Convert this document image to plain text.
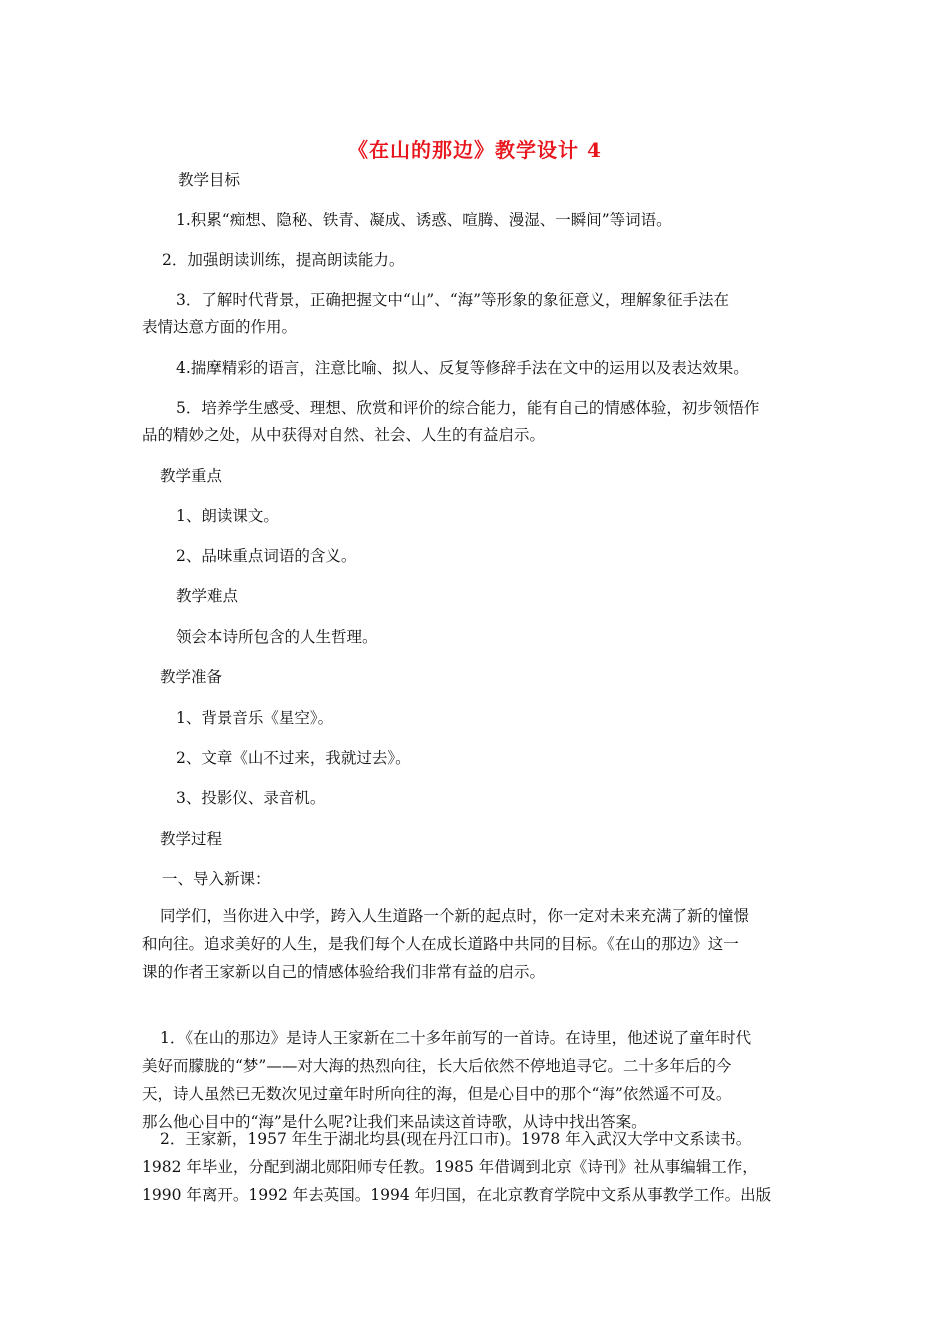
《在山的那边》教学设计 4
教学目标
1.积累“痴想、隐秘、铁青、凝成、诱惑、喧腾、漫湿、一瞬间”等词语。
2．加强朗读训练，提高朗读能力。
3．了解时代背景，正确把握文中“山”、“海”等形象的象征意义，理解象征手法在
表情达意方面的作用。
4.揣摩精彩的语言，注意比喻、拟人、反复等修辞手法在文中的运用以及表达效果。
5．培养学生感受、理想、欣赏和评价的综合能力，能有自己的情感体验，初步领悟作
品的精妙之处，从中获得对自然、社会、人生的有益启示。
教学重点
1、朗读课文。
2、品味重点词语的含义。
教学难点
领会本诗所包含的人生哲理。
教学准备
1、背景音乐《星空》。
2、文章《山不过来，我就过去》。
3、投影仪、录音机。
教学过程
一、导入新课：
同学们，当你进入中学，跨入人生道路一个新的起点时，你一定对未来充满了新的憧憬
和向往。追求美好的人生，是我们每个人在成长道路中共同的目标。《在山的那边》这一
课的作者王家新以自己的情感体验给我们非常有益的启示。
1．《在山的那边》是诗人王家新在二十多年前写的一首诗。在诗里，他述说了童年时代
美好而朦胧的“梦”——对大海的热烈向往，长大后依然不停地追寻它。二十多年后的今
天，诗人虽然已无数次见过童年时所向往的海，但是心目中的那个“海”依然遥不可及。
那么他心目中的“海”是什么呢?让我们来品读这首诗歌，从诗中找出答案。
2．王家新，1957 年生于湖北均县(现在丹江口市)。1978 年入武汉大学中文系读书。
1982 年毕业，分配到湖北郧阳师专任教。1985 年借调到北京《诗刊》社从事编辑工作，
1990 年离开。1992 年去英国。1994 年归国，在北京教育学院中文系从事教学工作。出版
